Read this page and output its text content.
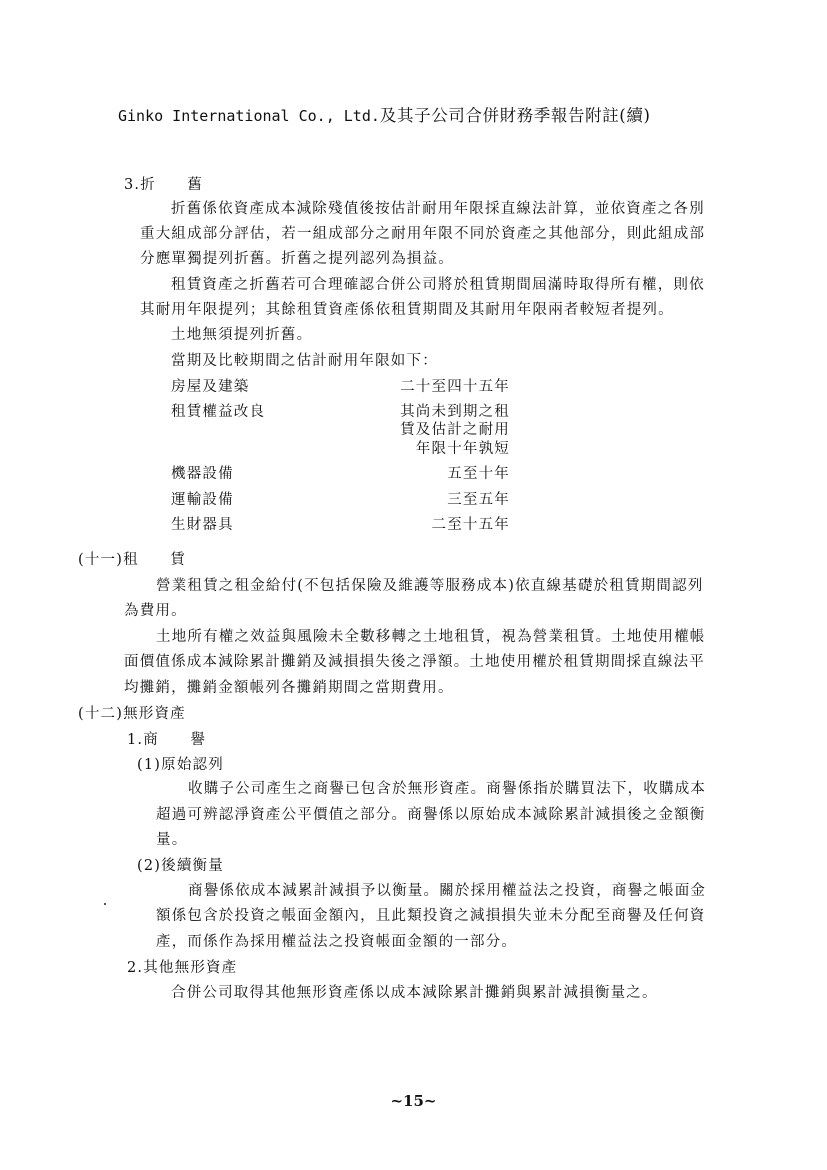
Ginko International Co., Ltd.及其子公司合併財務季報告附註(續)
3.折　　舊
折舊係依資產成本減除殘值後按估計耐用年限採直線法計算，並依資產之各別
重大組成部分評估，若一組成部分之耐用年限不同於資產之其他部分，則此組成部
分應單獨提列折舊。折舊之提列認列為損益。
租賃資產之折舊若可合理確認合併公司將於租賃期間屆滿時取得所有權，則依
其耐用年限提列；其餘租賃資產係依租賃期間及其耐用年限兩者較短者提列。
土地無須提列折舊。
當期及比較期間之估計耐用年限如下：
房屋及建築	二十至四十五年
租賃權益改良	其尚未到期之租
賃及估計之耐用
年限十年孰短
機器設備	五至十年
運輸設備	三至五年
生財器具	二至十五年
(十一)租　　賃
營業租賃之租金給付(不包括保險及維護等服務成本)依直線基礎於租賃期間認列
為費用。
土地所有權之效益與風險未全數移轉之土地租賃，視為營業租賃。土地使用權帳
面價值係成本減除累計攤銷及減損損失後之淨額。土地使用權於租賃期間採直線法平
均攤銷，攤銷金額帳列各攤銷期間之當期費用。
(十二)無形資產
1.商　　譽
(1)原始認列
收購子公司產生之商譽已包含於無形資產。商譽係指於購買法下，收購成本
超過可辨認淨資產公平價值之部分。商譽係以原始成本減除累計減損後之金額衡
量。
(2)後續衡量
商譽係依成本減累計減損予以衡量。關於採用權益法之投資，商譽之帳面金
額係包含於投資之帳面金額內，且此類投資之減損損失並未分配至商譽及任何資
產，而係作為採用權益法之投資帳面金額的一部分。
2.其他無形資產
合併公司取得其他無形資產係以成本減除累計攤銷與累計減損衡量之。
~15~
